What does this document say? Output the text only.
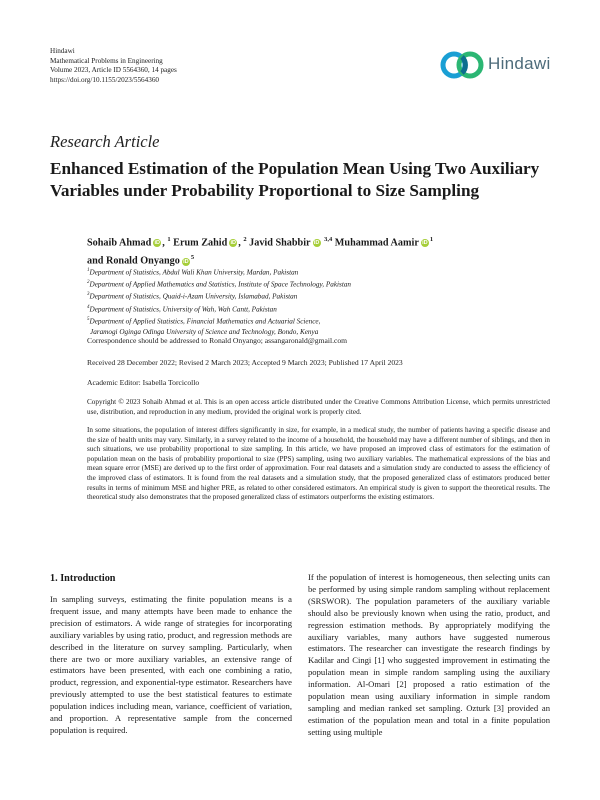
Hindawi
Mathematical Problems in Engineering
Volume 2023, Article ID 5564360, 14 pages
https://doi.org/10.1155/2023/5564360
Hindawi
Research Article
Enhanced Estimation of the Population Mean Using Two Auxiliary Variables under Probability Proportional to Size Sampling
Sohaib Ahmad iD , $^1$ Erum Zahid iD , $^2$ Javid Shabbir iD $^{3,4}$ Muhammad Aamir $iD^1$
and Ronald Onyango $iD^5$
$^1$Department of Statistics, Abdul Wali Khan University, Mardan, Pakistan
$^2$Department of Applied Mathematics and Statistics, Institute of Space Technology, Pakistan
$^3$Department of Statistics, Quaid-i-Azam University, Islamabad, Pakistan
$^4$Department of Statistics, University of Wah, Wah Cantt, Pakistan
$^5$Department of Applied Statistics, Financial Mathematics and Actuarial Science,
Jaramogi Oginga Odinga University of Science and Technology, Bondo, Kenya
Correspondence should be addressed to Ronald Onyango; assangaronald@gmail.com
Received 28 December 2022; Revised 2 March 2023; Accepted 9 March 2023; Published 17 April 2023
Academic Editor: Isabella Torcicollo
Copyright © 2023 Sohaib Ahmad et al. This is an open access article distributed under the Creative Commons Attribution License, which permits unrestricted use, distribution, and reproduction in any medium, provided the original work is properly cited.
In some situations, the population of interest differs significantly in size, for example, in a medical study, the number of patients having a specific disease and the size of health units may vary. Similarly, in a survey related to the income of a household, the household may have a different number of siblings, and then in such situations, we use probability proportional to size sampling. In this article, we have proposed an improved class of estimators for the estimation of population mean on the basis of probability proportional to size (PPS) sampling, using two auxiliary variables. The mathematical expressions of the bias and mean square error (MSE) are derived up to the first order of approximation. Four real datasets and a simulation study are conducted to assess the efficiency of the improved class of estimators. It is found from the real datasets and a simulation study, that the proposed generalized class of estimators produced better results in terms of minimum MSE and higher PRE, as related to other considered estimators. An empirical study is given to support the theoretical results. The theoretical study also demonstrates that the proposed generalized class of estimators outperforms the existing estimators.
1. Introduction
In sampling surveys, estimating the finite population means is a frequent issue, and many attempts have been made to enhance the precision of estimators. A wide range of strategies for incorporating auxiliary variables by using ratio, product, and regression methods are described in the literature on survey sampling. Particularly, when there are two or more auxiliary variables, an extensive range of estimators have been presented, with each one combining a ratio, product, regression, and exponential-type estimator. Researchers have previously attempted to use the best statistical features to estimate population indices including mean, variance, coefficient of variation, and proportion. A representative sample from the concerned population is required.
If the population of interest is homogeneous, then selecting units can be performed by using simple random sampling without replacement (SRSWOR). The population parameters of the auxiliary variable should also be previously known when using the ratio, product, and regression estimation methods. By appropriately modifying the auxiliary variables, many authors have suggested numerous estimators. The researcher can investigate the research findings by Kadilar and Cingi [1] who suggested improvement in estimating the population mean in simple random sampling using the auxiliary information. Al-Omari [2] proposed a ratio estimation of the population mean using auxiliary information in simple random sampling and median ranked set sampling. Ozturk [3] provided an estimation of the population mean and total in a finite population setting using multiple
